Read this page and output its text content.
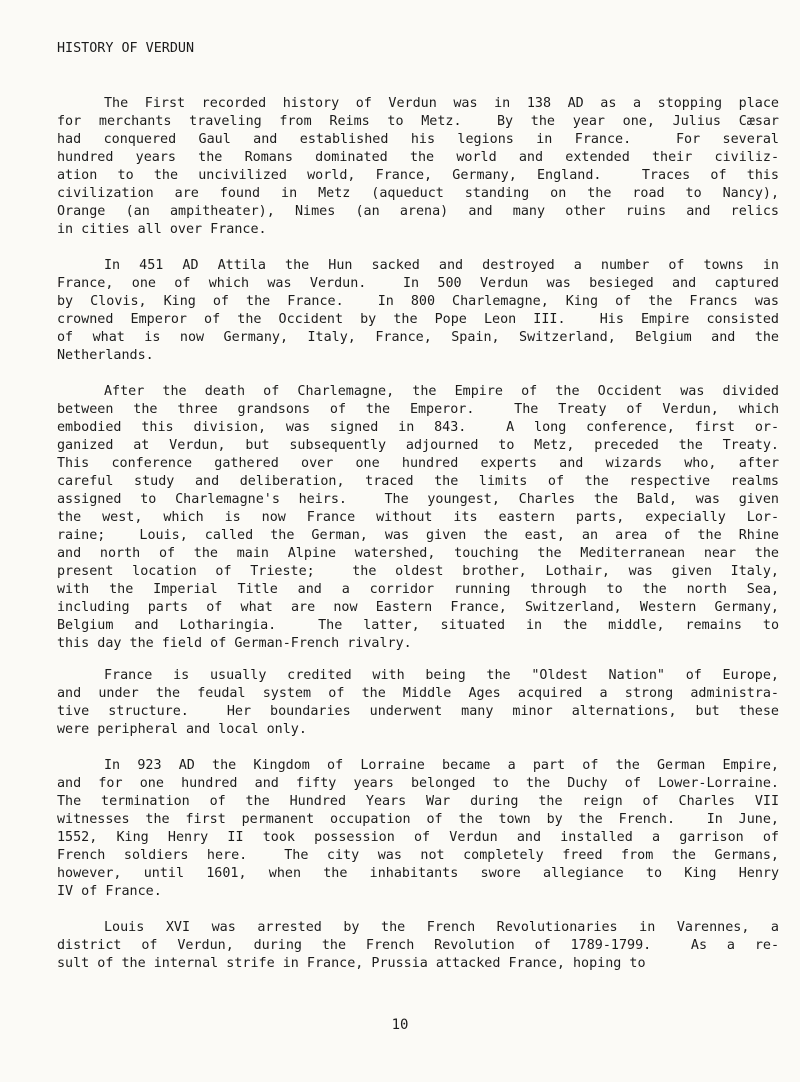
HISTORY OF VERDUN
The First recorded history of Verdun was in 138 AD as a stopping place
for merchants traveling from Reims to Metz.  By the year one, Julius Cæsar
had conquered Gaul and established his legions in France.  For several
hundred years the Romans dominated the world and extended their civiliz-
ation to the uncivilized world, France, Germany, England.  Traces of this
civilization are found in Metz (aqueduct standing on the road to Nancy),
Orange (an ampitheater), Nimes (an arena) and many other ruins and relics
in cities all over France.
In 451 AD Attila the Hun sacked and destroyed a number of towns in
France, one of which was Verdun.  In 500 Verdun was besieged and captured
by Clovis, King of the France.  In 800 Charlemagne, King of the Francs was
crowned Emperor of the Occident by the Pope Leon III.  His Empire consisted
of what is now Germany, Italy, France, Spain, Switzerland, Belgium and the
Netherlands.
After the death of Charlemagne, the Empire of the Occident was divided
between the three grandsons of the Emperor.  The Treaty of Verdun, which
embodied this division, was signed in 843.  A long conference, first or-
ganized at Verdun, but subsequently adjourned to Metz, preceded the Treaty.
This conference gathered over one hundred experts and wizards who, after
careful study and deliberation, traced the limits of the respective realms
assigned to Charlemagne's heirs.  The youngest, Charles the Bald, was given
the west, which is now France without its eastern parts, expecially Lor-
raine;  Louis, called the German, was given the east, an area of the Rhine
and north of the main Alpine watershed, touching the Mediterranean near the
present location of Trieste;  the oldest brother, Lothair, was given Italy,
with the Imperial Title and a corridor running through to the north Sea,
including parts of what are now Eastern France, Switzerland, Western Germany,
Belgium and Lotharingia.  The latter, situated in the middle, remains to
this day the field of German-French rivalry.
France is usually credited with being the "Oldest Nation" of Europe,
and under the feudal system of the Middle Ages acquired a strong administra-
tive structure.  Her boundaries underwent many minor alternations, but these
were peripheral and local only.
In 923 AD the Kingdom of Lorraine became a part of the German Empire,
and for one hundred and fifty years belonged to the Duchy of Lower-Lorraine.
The termination of the Hundred Years War during the reign of Charles VII
witnesses the first permanent occupation of the town by the French.  In June,
1552, King Henry II took possession of Verdun and installed a garrison of
French soldiers here.  The city was not completely freed from the Germans,
however, until 1601, when the inhabitants swore allegiance to King Henry
IV of France.
Louis XVI was arrested by the French Revolutionaries in Varennes, a
district of Verdun, during the French Revolution of 1789-1799.  As a re-
sult of the internal strife in France, Prussia attacked France, hoping to
10
